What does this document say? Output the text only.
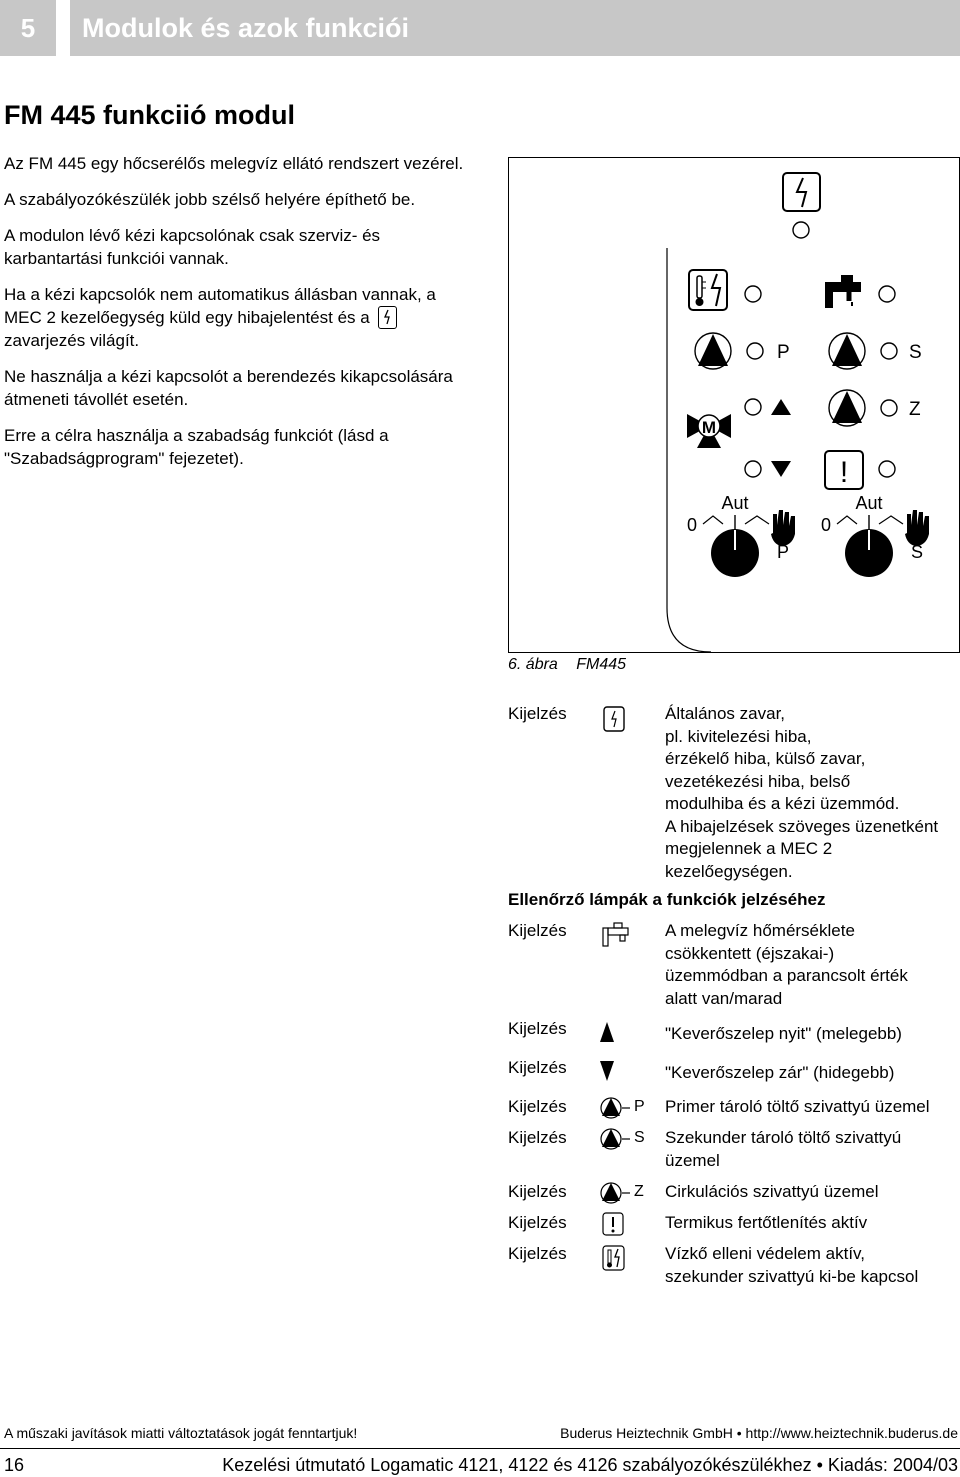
5	Modulok és azok funkciói
FM 445 funkciió modul

Az FM 445 egy hőcserélős melegvíz ellátó rendszert vezérel.

A szabályozókészülék jobb szélső helyére építhető be.

A modulon lévő kézi kapcsolónak csak szerviz- és karbantartási funkciói vannak.

Ha a kézi kapcsolók nem automatikus állásban vannak, a MEC 2 kezelőegység küld egy hibajelentést és a

zavarjezés világít.

Ne használja a kézi kapcsolót a berendezés kikapcsolására átmeneti távollét esetén.

Erre a célra használja a szabadság funkciót (lásd a "Szabadságprogram" fejezetet).

P	S
M
Z
!
Aut
0
P
Aut
0
S
6. ábra FM445
Kijelzés	Általános zavar,
pl. kivitelezési hiba,
érzékelő hiba, külső zavar,
vezetékezési hiba, belső
modulhiba és a kézi üzemmód.
A hibajelzések szöveges üzenetként
megjelennek a MEC 2
kezelőegységen.
Ellenőrző lámpák a funkciók jelzéséhez
Kijelzés	A melegvíz hőmérséklete
csökkentett (éjszakai-)
üzemmódban a parancsolt érték
alatt van/marad
Kijelzés	"Keverőszelep nyit" (melegebb)
Kijelzés	"Keverőszelep zár" (hidegebb)
Kijelzés	P Primer tároló töltő szivattyú üzemel
Kijelzés	S Szekunder tároló töltő szivattyú
üzemel
Kijelzés	Z Cirkulációs szivattyú üzemel
Kijelzés	Termikus fertőtlenítés aktív
Kijelzés	Vízkő elleni védelem aktív,
szekunder szivattyú ki-be kapcsol
A műszaki javítások miatti változtatások jogát fenntartjuk!	Buderus Heiztechnik GmbH • http://www.heiztechnik.buderus.de
16	Kezelési útmutató Logamatic 4121, 4122 és 4126 szabályozókészülékhez • Kiadás: 2004/03
